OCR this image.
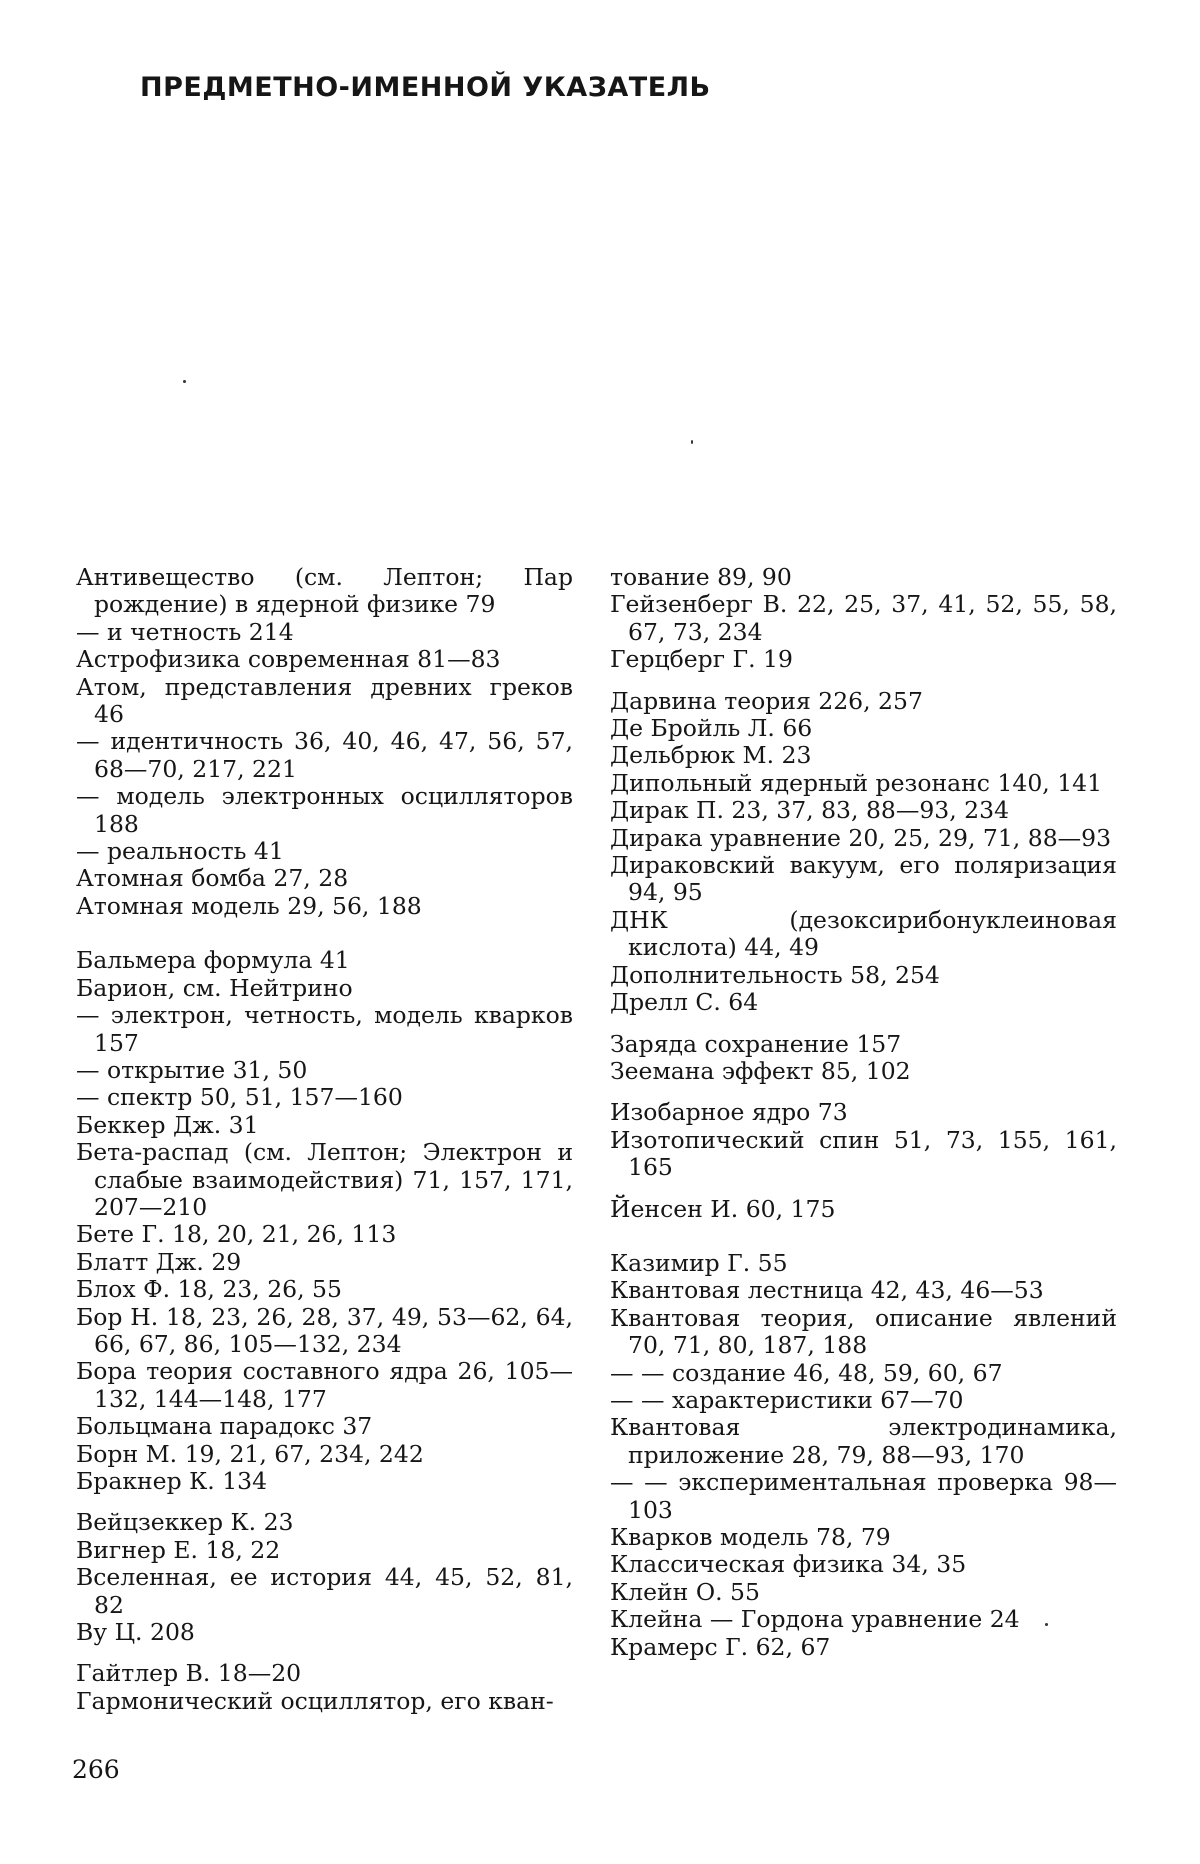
ПРЕДМЕТНО-ИМЕННОЙ УКАЗАТЕЛЬ
Антивещество (см. Лептон; Пар рождение) в ядерной физике 79
— и четность 214
Астрофизика современная 81—83
Атом, представления древних греков 46
— идентичность 36, 40, 46, 47, 56, 57, 68—70, 217, 221
— модель электронных осцилляторов 188
— реальность 41
Атомная бомба 27, 28
Атомная модель 29, 56, 188
Бальмера формула 41
Барион, см. Нейтрино
— электрон, четность, модель кварков 157
— открытие 31, 50
— спектр 50, 51, 157—160
Беккер Дж. 31
Бета-распад (см. Лептон; Электрон и слабые взаимодействия) 71, 157, 171, 207—210
Бете Г. 18, 20, 21, 26, 113
Блатт Дж. 29
Блох Ф. 18, 23, 26, 55
Бор Н. 18, 23, 26, 28, 37, 49, 53—62, 64, 66, 67, 86, 105—132, 234
Бора теория составного ядра 26, 105—132, 144—148, 177
Больцмана парадокс 37
Борн М. 19, 21, 67, 234, 242
Бракнер К. 134
Вейцзеккер К. 23
Вигнер Е. 18, 22
Вселенная, ее история 44, 45, 52, 81, 82
Ву Ц. 208
Гайтлер В. 18—20
Гармонический осциллятор, его кван-
тование 89, 90
Гейзенберг В. 22, 25, 37, 41, 52, 55, 58, 67, 73, 234
Герцберг Г. 19
Дарвина теория 226, 257
Де Бройль Л. 66
Дельбрюк М. 23
Дипольный ядерный резонанс 140, 141
Дирак П. 23, 37, 83, 88—93, 234
Дирака уравнение 20, 25, 29, 71, 88—93
Дираковский вакуум, его поляризация 94, 95
ДНК (дезоксирибонуклеиновая кислота) 44, 49
Дополнительность 58, 254
Дрелл С. 64
Заряда сохранение 157
Зеемана эффект 85, 102
Изобарное ядро 73
Изотопический спин 51, 73, 155, 161, 165
Йенсен И. 60, 175
Казимир Г. 55
Квантовая лестница 42, 43, 46—53
Квантовая теория, описание явлений 70, 71, 80, 187, 188
— — создание 46, 48, 59, 60, 67
— — характеристики 67—70
Квантовая электродинамика, приложение 28, 79, 88—93, 170
— — экспериментальная проверка 98—103
Кварков модель 78, 79
Классическая физика 34, 35
Клейн О. 55
Клейна — Гордона уравнение 24
Крамерс Г. 62, 67
266
